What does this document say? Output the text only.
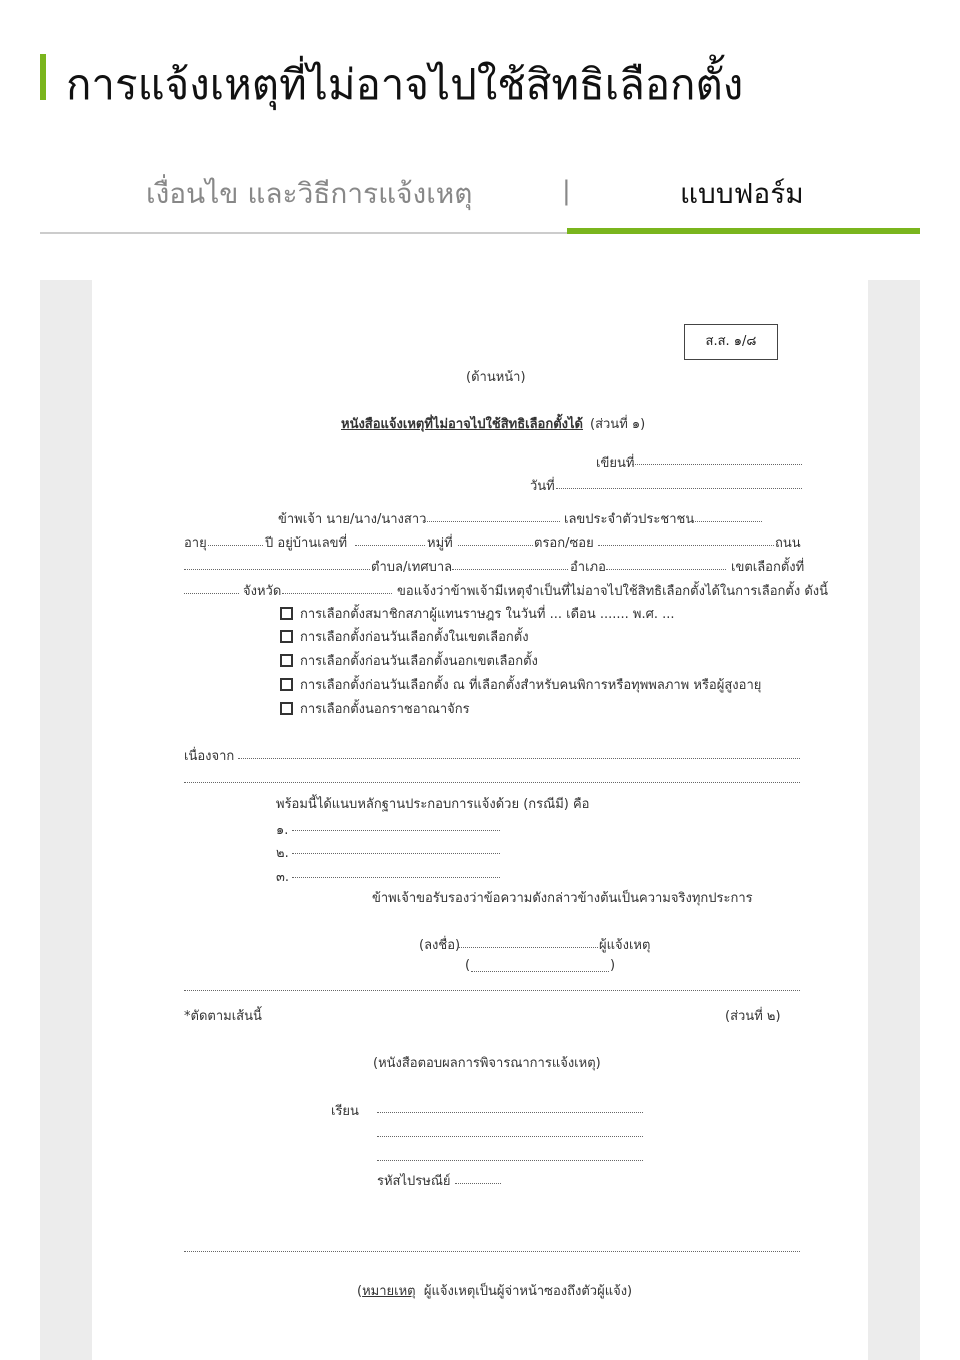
การแจ้งเหตุที่ไม่อาจไปใช้สิทธิเลือกตั้ง
เงื่อนไข และวิธีการแจ้งเหตุ	|	แบบฟอร์ม
ส.ส. ๑/๘
(ด้านหน้า)
หนังสือแจ้งเหตุที่ไม่อาจไปใช้สิทธิเลือกตั้งได้ (ส่วนที่ ๑)
เขียนที่
วันที่
ข้าพเจ้า นาย/นาง/นางสาว	เลขประจำตัวประชาชน
อายุ	ปี อยู่บ้านเลขที่	หมู่ที่	ตรอก/ซอย	ถนน
ตำบล/เทศบาล	อำเภอ	เขตเลือกตั้งที่
จังหวัด	ขอแจ้งว่าข้าพเจ้ามีเหตุจำเป็นที่ไม่อาจไปใช้สิทธิเลือกตั้งได้ในการเลือกตั้ง ดังนี้
การเลือกตั้งสมาชิกสภาผู้แทนราษฎร ในวันที่ ... เดือน ....... พ.ศ. ...
การเลือกตั้งก่อนวันเลือกตั้งในเขตเลือกตั้ง
การเลือกตั้งก่อนวันเลือกตั้งนอกเขตเลือกตั้ง
การเลือกตั้งก่อนวันเลือกตั้ง ณ ที่เลือกตั้งสำหรับคนพิการหรือทุพพลภาพ หรือผู้สูงอายุ
การเลือกตั้งนอกราชอาณาจักร
เนื่องจาก
พร้อมนี้ได้แนบหลักฐานประกอบการแจ้งด้วย (กรณีมี) คือ
๑.
๒.
๓.
ข้าพเจ้าขอรับรองว่าข้อความดังกล่าวข้างต้นเป็นความจริงทุกประการ
(ลงชื่อ)	ผู้แจ้งเหตุ
(	)
*ตัดตามเส้นนี้	(ส่วนที่ ๒)
(หนังสือตอบผลการพิจารณาการแจ้งเหตุ)
เรียน
รหัสไปรษณีย์
(หมายเหตุ ผู้แจ้งเหตุเป็นผู้จ่าหน้าซองถึงตัวผู้แจ้ง)
